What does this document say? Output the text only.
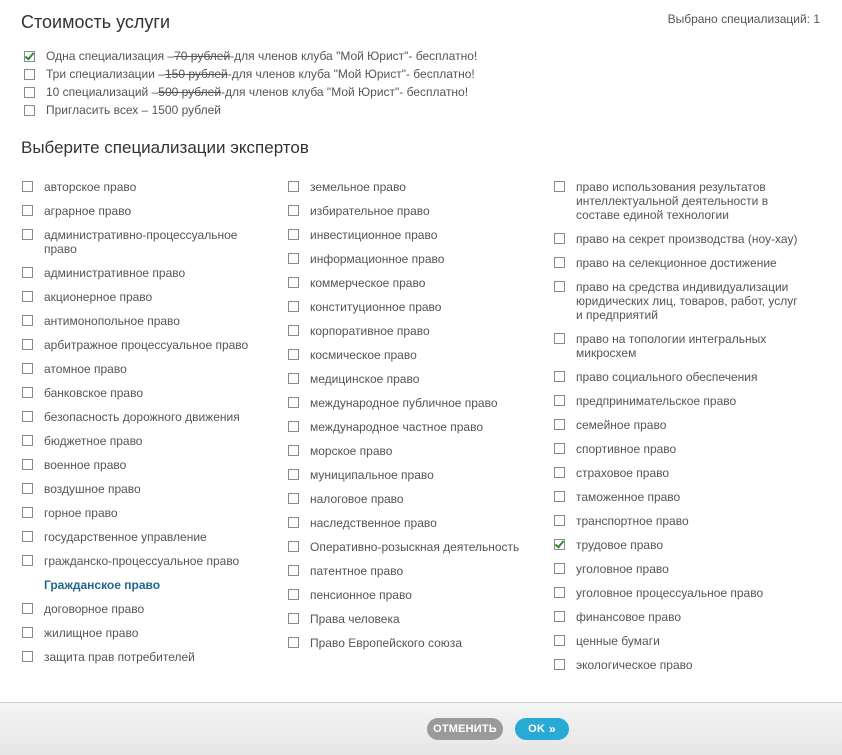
Стоимость услуги	Выбрано специализаций: 1
Одна специализация – 70 рублей -для членов клуба "Мой Юрист"- бесплатно!
Три специализации – 150 рублей -для членов клуба "Мой Юрист"- бесплатно!
10 специализаций – 500 рублей -для членов клуба "Мой Юрист"- бесплатно!
Пригласить всех – 1500 рублей
Выберите специализации экспертов
авторское право
аграрное право
административно-процессуальное право
административное право
акционерное право
антимонопольное право
арбитражное процессуальное право
атомное право
банковское право
безопасность дорожного движения
бюджетное право
военное право
воздушное право
горное право
государственное управление
гражданско-процессуальное право
Гражданское право
договорное право
жилищное право
защита прав потребителей
земельное право
избирательное право
инвестиционное право
информационное право
коммерческое право
конституционное право
корпоративное право
космическое право
медицинское право
международное публичное право
международное частное право
морское право
муниципальное право
налоговое право
наследственное право
Оперативно-розыскная деятельность
патентное право
пенсионное право
Права человека
Право Европейского союза
право использования результатов интеллектуальной деятельности в составе единой технологии
право на секрет производства (ноу-хау)
право на селекционное достижение
право на средства индивидуализации юридических лиц, товаров, работ, услуг и предприятий
право на топологии интегральных микросхем
право социального обеспечения
предпринимательское право
семейное право
спортивное право
страховое право
таможенное право
транспортное право
трудовое право
уголовное право
уголовное процессуальное право
финансовое право
ценные бумаги
экологическое право
ОТМЕНИТЬ	OK »
